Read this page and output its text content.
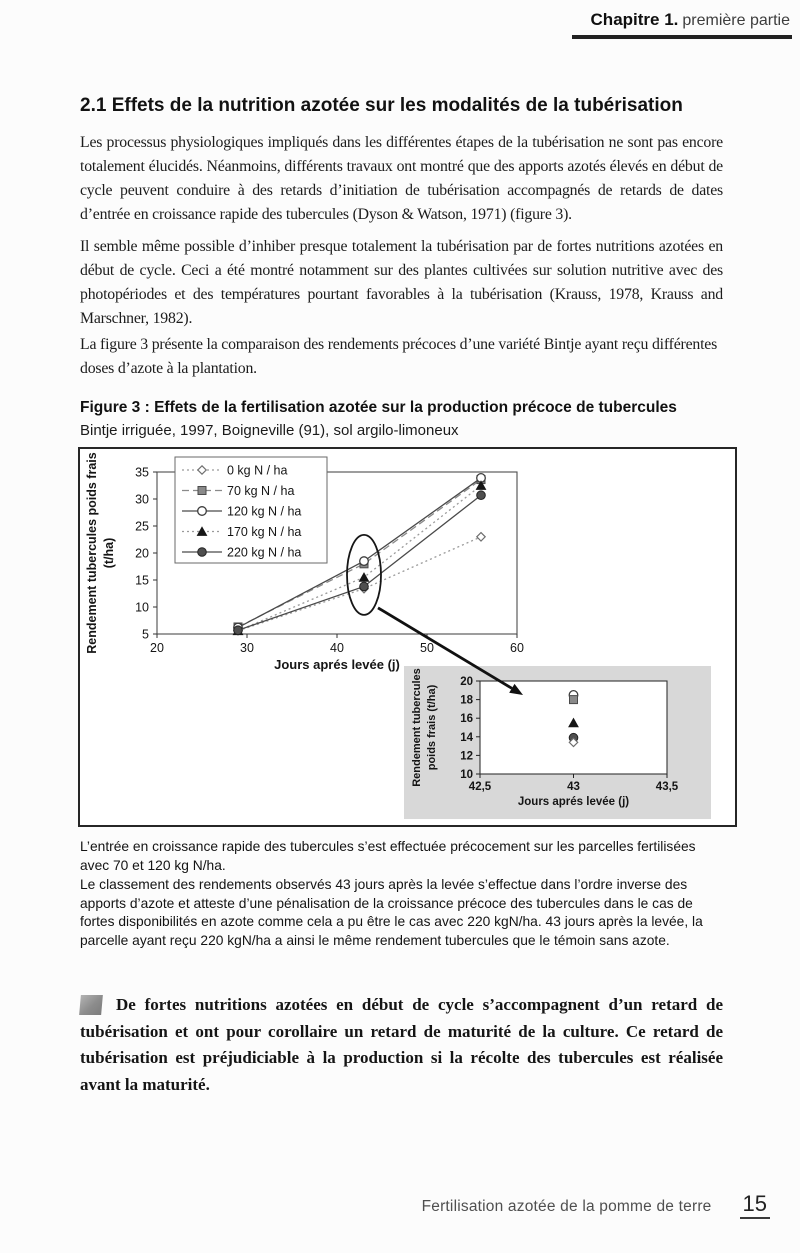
Chapitre 1. première partie
2.1 Effets de la nutrition azotée sur les modalités de la tubérisation

Les processus physiologiques impliqués dans les différentes étapes de la tubérisation ne sont pas encore totalement élucidés. Néanmoins, différents travaux ont montré que des apports azotés élevés en début de cycle peuvent conduire à des retards d’initiation de tubérisation accompagnés de retards de dates d’entrée en croissance rapide des tubercules (Dyson & Watson, 1971) (figure 3).

Il semble même possible d’inhiber presque totalement la tubérisation par de fortes nutritions azotées en début de cycle. Ceci a été montré notamment sur des plantes cultivées sur solution nutritive avec des photopériodes et des températures pourtant favorables à la tubérisation (Krauss, 1978, Krauss and Marschner, 1982).

La figure 3 présente la comparaison des rendements précoces d’une variété Bintje ayant reçu différentes doses d’azote à la plantation.

Figure 3 : Effets de la fertilisation azotée sur la production précoce de tubercules
Bintje irriguée, 1997, Boigneville (91), sol argilo-limoneux
5
10
15
20
25
30
35
20	30	40	50	60
0 kg N / ha
70 kg N / ha
120 kg N / ha
170 kg N / ha
220 kg N / ha
Jours aprés levée (j)
Rendement tubercules poids frais (t/ha)
10
12
14
16
18
20
42,5	43	43,5
Jours aprés levée (j)
Rendement tubercules poids frais (t/ha)

L’entrée en croissance rapide des tubercules s’est effectuée précocement sur les parcelles fertilisées avec 70 et 120 kg N/ha.

Le classement des rendements observés 43 jours après la levée s’effectue dans l’ordre inverse des apports d’azote et atteste d’une pénalisation de la croissance précoce des tubercules dans le cas de fortes disponibilités en azote comme cela a pu être le cas avec 220 kgN/ha. 43 jours après la levée, la parcelle ayant reçu 220 kgN/ha a ainsi le même rendement tubercules que le témoin sans azote.

De fortes nutritions azotées en début de cycle s’accompagnent d’un retard de tubérisation et ont pour corollaire un retard de maturité de la culture. Ce retard de tubérisation est préjudiciable à la production si la récolte des tubercules est réalisée avant la maturité.
Fertilisation azotée de la pomme de terre 15
